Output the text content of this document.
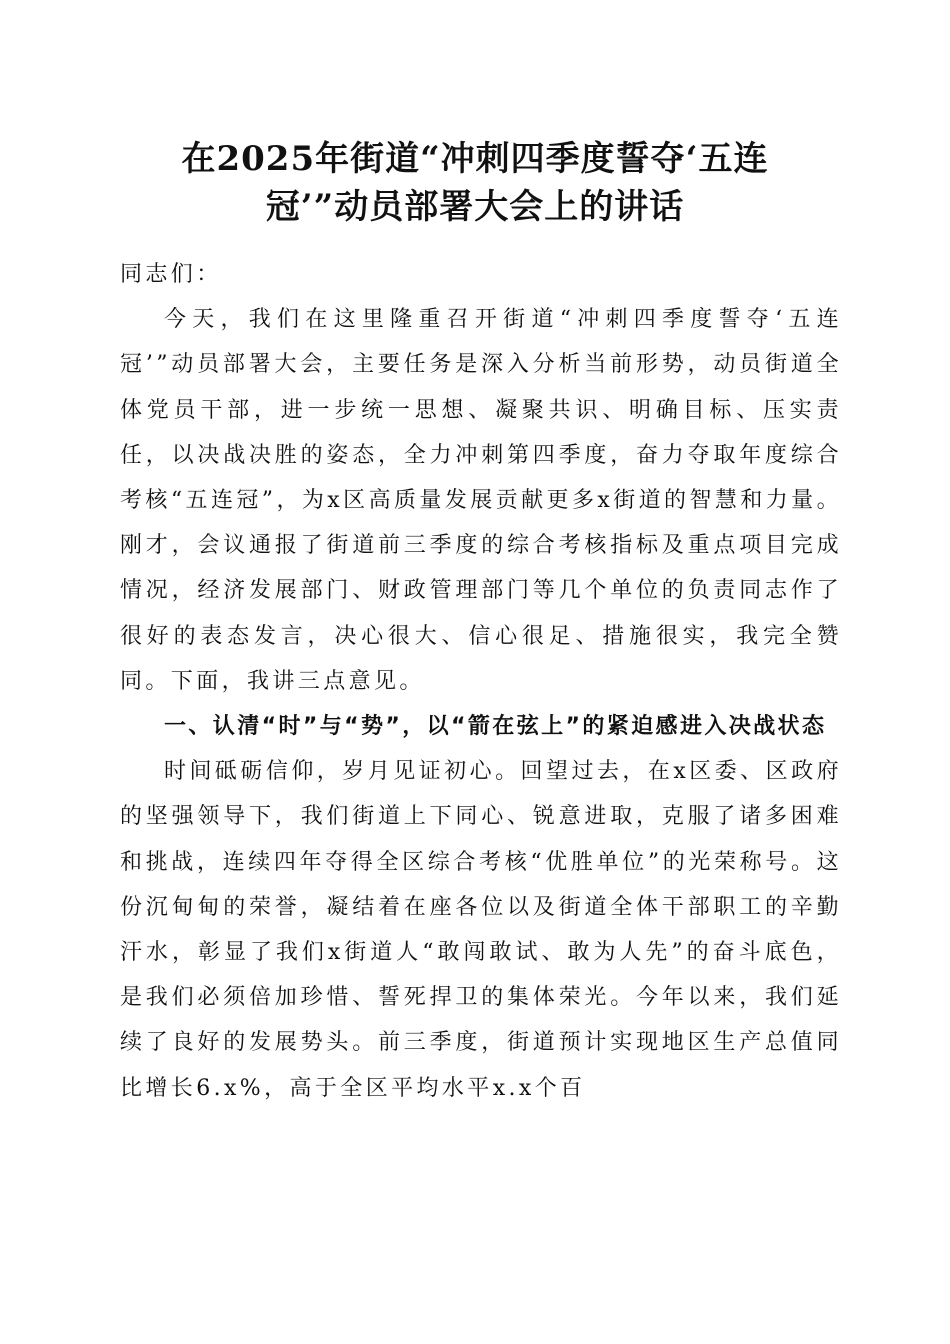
在2025年街道“冲刺四季度誓夺‘五连
冠’”动员部署大会上的讲话

同志们：

今天，我们在这里隆重召开街道“冲刺四季度誓夺‘五连冠’”动员部署大会，主要任务是深入分析当前形势，动员街道全体党员干部，进一步统一思想、凝聚共识、明确目标、压实责任，以决战决胜的姿态，全力冲刺第四季度，奋力夺取年度综合考核“五连冠”，为x区高质量发展贡献更多x街道的智慧和力量。刚才，会议通报了街道前三季度的综合考核指标及重点项目完成情况，经济发展部门、财政管理部门等几个单位的负责同志作了很好的表态发言，决心很大、信心很足、措施很实，我完全赞同。下面，我讲三点意见。

一、认清“时”与“势”，以“箭在弦上”的紧迫感进入决战状态

时间砥砺信仰，岁月见证初心。回望过去，在x区委、区政府的坚强领导下，我们街道上下同心、锐意进取，克服了诸多困难和挑战，连续四年夺得全区综合考核“优胜单位”的光荣称号。这份沉甸甸的荣誉，凝结着在座各位以及街道全体干部职工的辛勤汗水，彰显了我们x街道人“敢闯敢试、敢为人先”的奋斗底色，是我们必须倍加珍惜、誓死捍卫的集体荣光。今年以来，我们延续了良好的发展势头。前三季度，街道预计实现地区生产总值同比增长6.x%，高于全区平均水平x.x个百
